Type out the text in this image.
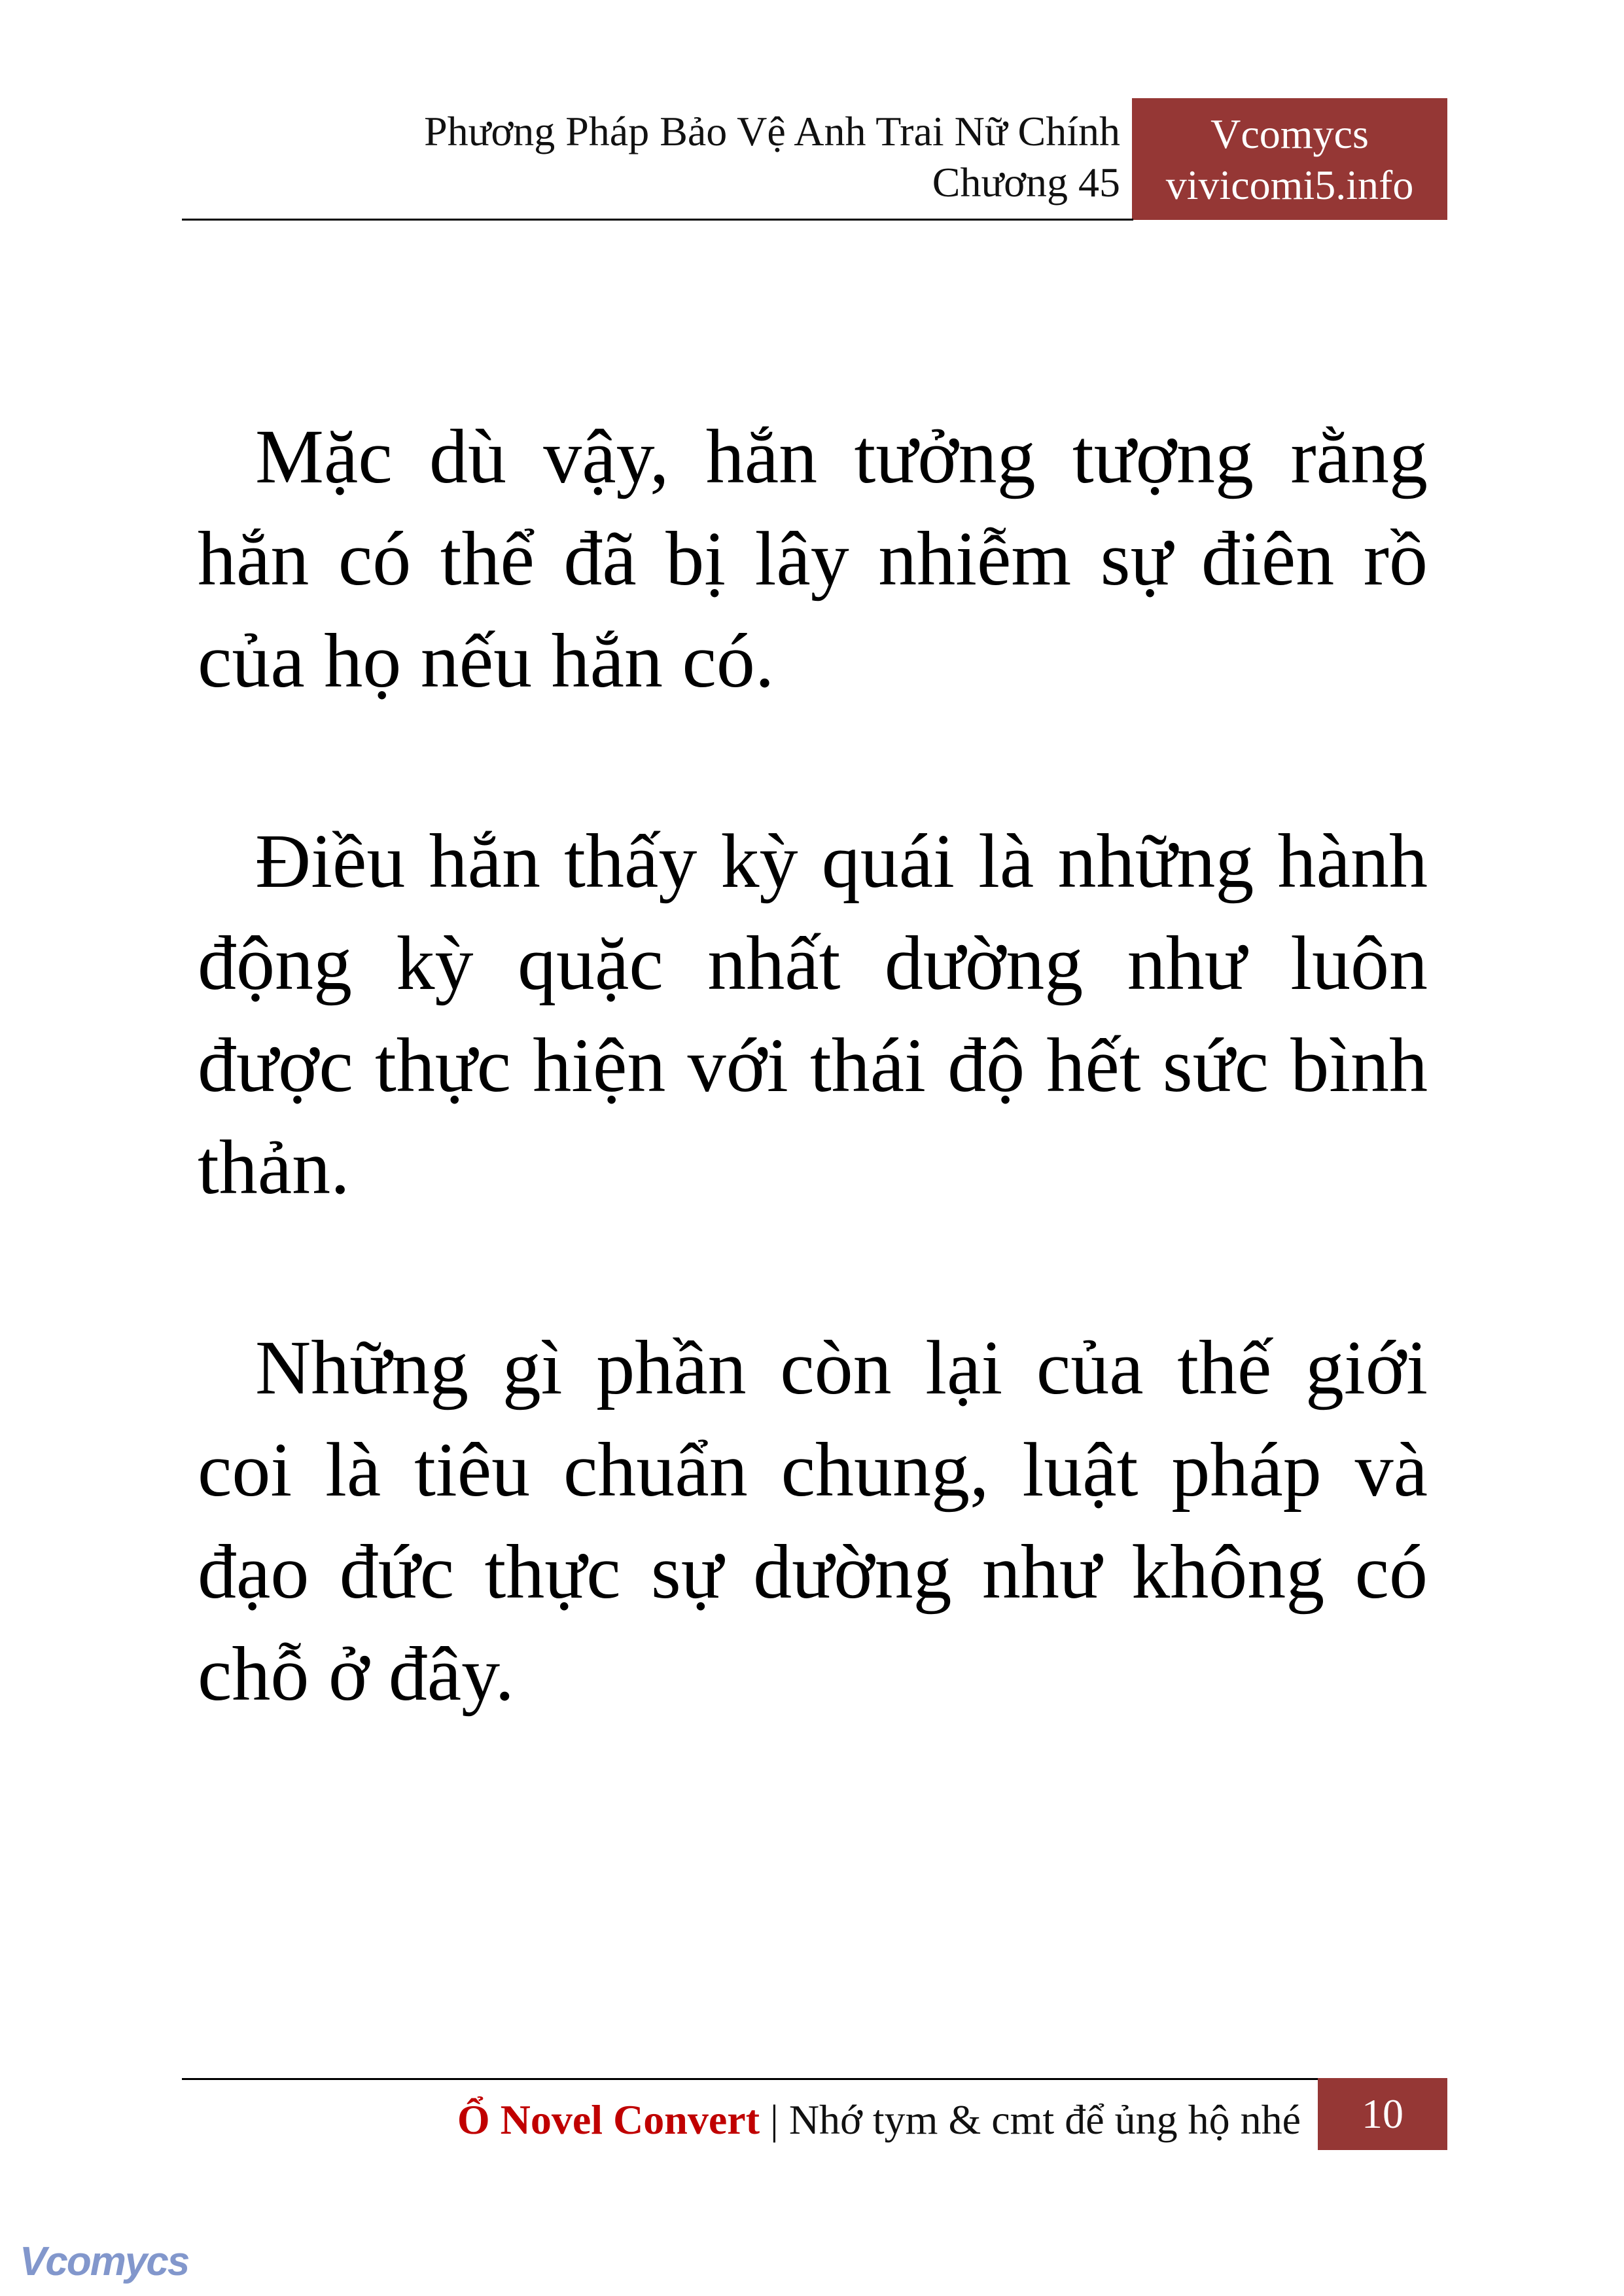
Phương Pháp Bảo Vệ Anh Trai Nữ Chính
Chương 45
Vcomycs
vivicomi5.info

Mặc dù vậy, hắn tưởng tượng rằng hắn có thể đã bị lây nhiễm sự điên rồ của họ nếu hắn có.

Điều hắn thấy kỳ quái là những hành động kỳ quặc nhất dường như luôn được thực hiện với thái độ hết sức bình thản.

Những gì phần còn lại của thế giới coi là tiêu chuẩn chung, luật pháp và đạo đức thực sự dường như không có chỗ ở đây.

Ổ Novel Convert | Nhớ tym & cmt để ủng hộ nhé	10
Vcomycs
